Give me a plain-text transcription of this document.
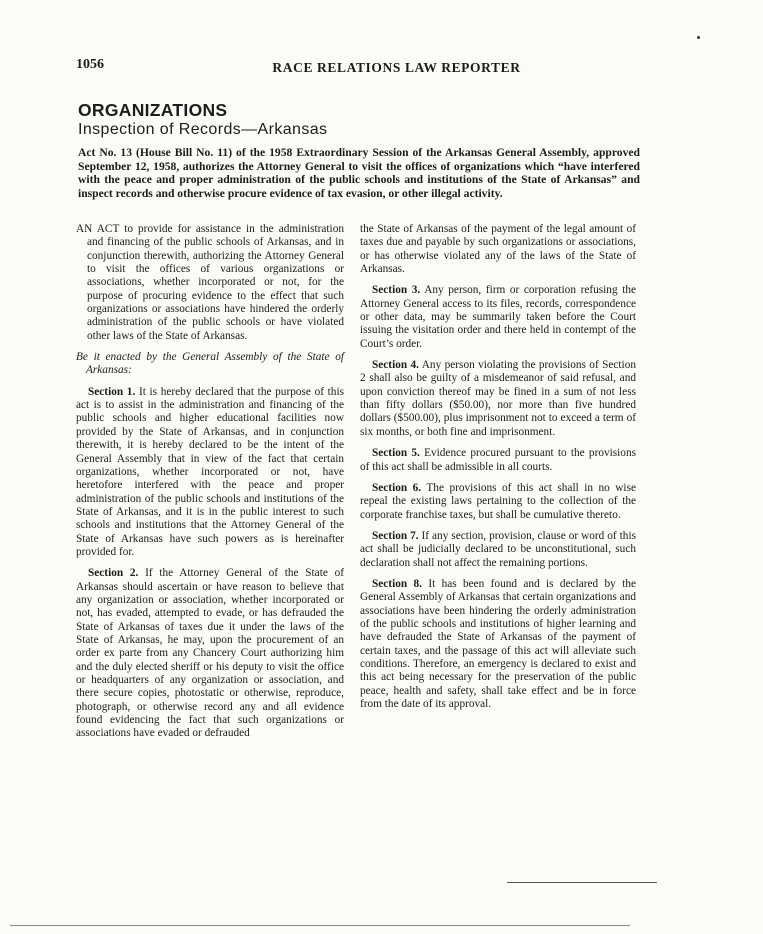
1056	RACE RELATIONS LAW REPORTER
ORGANIZATIONS
Inspection of Records—Arkansas
Act No. 13 (House Bill No. 11) of the 1958 Extraordinary Session of the Arkansas General Assembly, approved September 12, 1958, authorizes the Attorney General to visit the offices of organizations which “have interfered with the peace and proper administration of the public schools and institutions of the State of Arkansas” and inspect records and otherwise procure evidence of tax evasion, or other illegal activity.

AN ACT to provide for assistance in the administration and financing of the public schools of Arkansas, and in conjunction therewith, authorizing the Attorney General to visit the offices of various organizations or associations, whether incorporated or not, for the purpose of procuring evidence to the effect that such organizations or associations have hindered the orderly administration of the public schools or have violated other laws of the State of Arkansas.

Be it enacted by the General Assembly of the State of Arkansas:

Section 1. It is hereby declared that the purpose of this act is to assist in the administration and financing of the public schools and higher educational facilities now provided by the State of Arkansas, and in conjunction therewith, it is hereby declared to be the intent of the General Assembly that in view of the fact that certain organizations, whether incorporated or not, have heretofore interfered with the peace and proper administration of the public schools and institutions of the State of Arkansas, and it is in the public interest to such schools and institutions that the Attorney General of the State of Arkansas have such powers as is hereinafter provided for.

Section 2. If the Attorney General of the State of Arkansas should ascertain or have reason to believe that any organization or association, whether incorporated or not, has evaded, attempted to evade, or has defrauded the State of Arkansas of taxes due it under the laws of the State of Arkansas, he may, upon the procurement of an order ex parte from any Chancery Court authorizing him and the duly elected sheriff or his deputy to visit the office or headquarters of any organization or association, and there secure copies, photostatic or otherwise, reproduce, photograph, or otherwise record any and all evidence found evidencing the fact that such organizations or associations have evaded or defrauded

the State of Arkansas of the payment of the legal amount of taxes due and payable by such organizations or associations, or has otherwise violated any of the laws of the State of Arkansas.

Section 3. Any person, firm or corporation refusing the Attorney General access to its files, records, correspondence or other data, may be summarily taken before the Court issuing the visitation order and there held in contempt of the Court’s order.

Section 4. Any person violating the provisions of Section 2 shall also be guilty of a misdemeanor of said refusal, and upon conviction thereof may be fined in a sum of not less than fifty dollars ($50.00), nor more than five hundred dollars ($500.00), plus imprisonment not to exceed a term of six months, or both fine and imprisonment.

Section 5. Evidence procured pursuant to the provisions of this act shall be admissible in all courts.

Section 6. The provisions of this act shall in no wise repeal the existing laws pertaining to the collection of the corporate franchise taxes, but shall be cumulative thereto.

Section 7. If any section, provision, clause or word of this act shall be judicially declared to be unconstitutional, such declaration shall not affect the remaining portions.

Section 8. It has been found and is declared by the General Assembly of Arkansas that certain organizations and associations have been hindering the orderly administration of the public schools and institutions of higher learning and have defrauded the State of Arkansas of the payment of certain taxes, and the passage of this act will alleviate such conditions. Therefore, an emergency is declared to exist and this act being necessary for the preservation of the public peace, health and safety, shall take effect and be in force from the date of its approval.
